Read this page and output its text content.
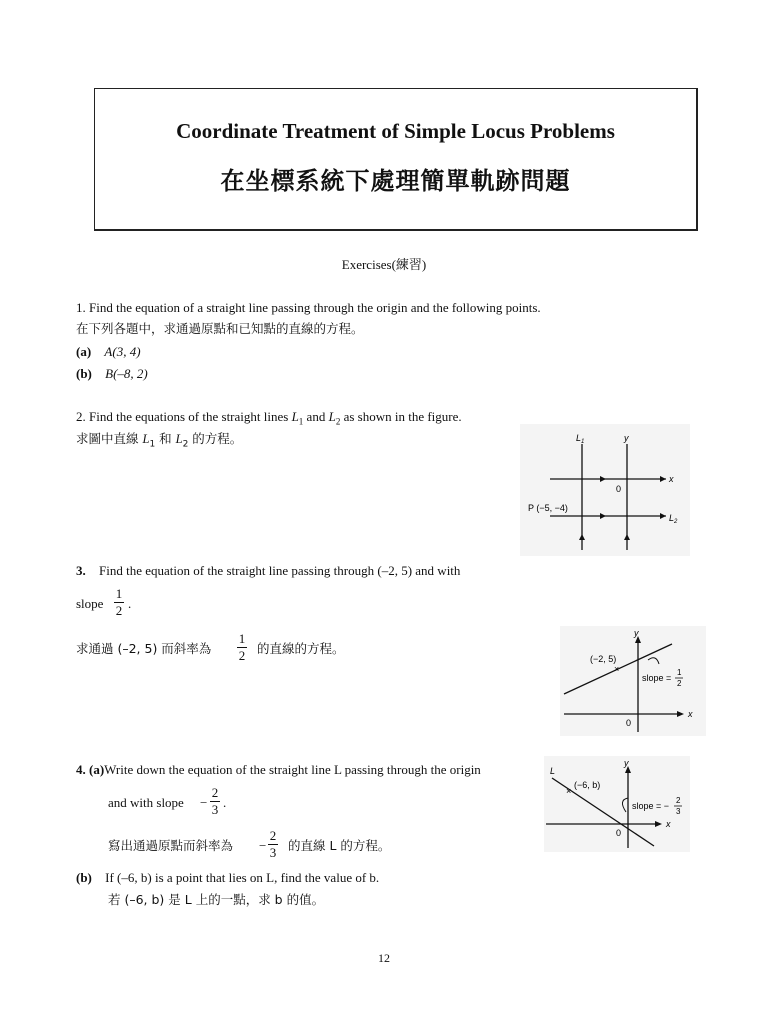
Coordinate Treatment of Simple Locus Problems
在坐標系統下處理簡單軌跡問題
Exercises(練習)
1. Find the equation of a straight line passing through the origin and the following points.
在下列各題中，求通過原點和已知點的直線的方程。
(a) A(3, 4)
(b) B(–8, 2)
2. Find the equations of the straight lines $L_1$ and $L_2$ as shown in the figure.
求圖中直線 $L_1$ 和 $L_2$ 的方程。	$L_1$	y
x
0
P (−5, −4)
$L_2$
3. Find the equation of the straight line passing through (–2, 5) and with
slope
1
2 .
求通過 (–2, 5) 而斜率為
1
2 的直線的方程。
×
(−2, 5)
slope =
1
2
y
x
0
4. (a)Write down the equation of the straight line L passing through the origin
and with slope −
2
3 .
寫出通過原點而斜率為 −
2
3 的直線 L 的方程。
(b) If (–6, b) is a point that lies on L, find the value of b.
若 (–6, b) 是 L 上的一點，求 b 的值。
×
(−6, b)
slope = −
2
3
L
y
x
0
12
